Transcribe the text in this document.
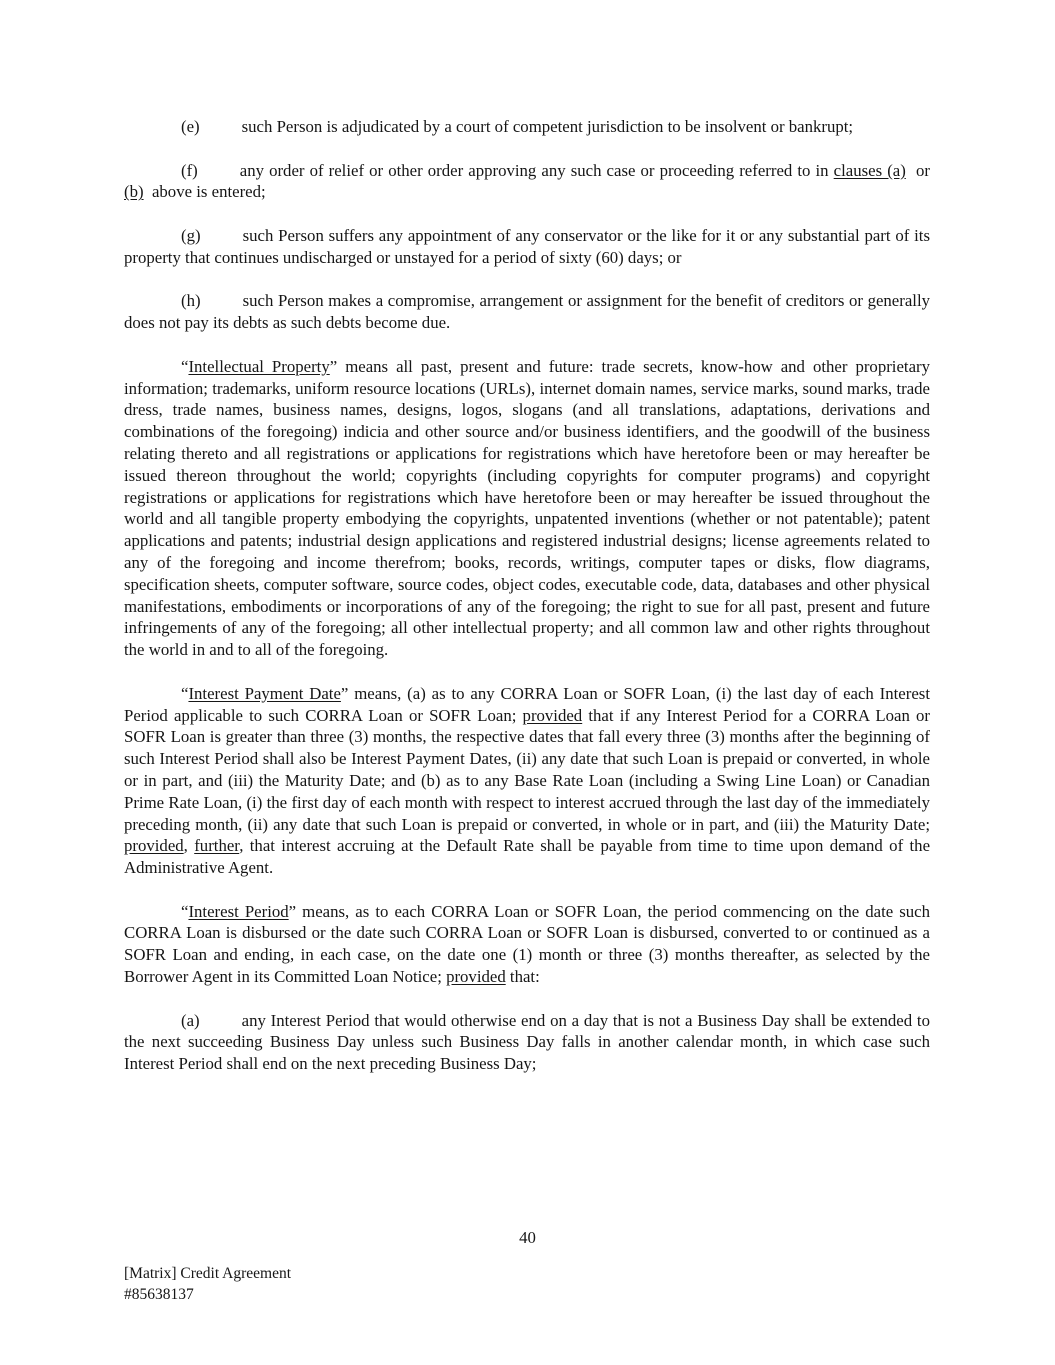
(e)	such Person is adjudicated by a court of competent jurisdiction to be insolvent or bankrupt;

(f)	any order of relief or other order approving any such case or proceeding referred to in clauses (a)  or (b)  above is entered;

(g)	such Person suffers any appointment of any conservator or the like for it or any substantial part of its property that continues undischarged or unstayed for a period of sixty (60) days; or

(h)	such Person makes a compromise, arrangement or assignment for the benefit of creditors or generally does not pay its debts as such debts become due.

“Intellectual Property” means all past, present and future: trade secrets, know-how and other proprietary information; trademarks, uniform resource locations (URLs), internet domain names, service marks, sound marks, trade dress, trade names, business names, designs, logos, slogans (and all translations, adaptations, derivations and combinations of the foregoing) indicia and other source and/or business identifiers, and the goodwill of the business relating thereto and all registrations or applications for registrations which have heretofore been or may hereafter be issued thereon throughout the world; copyrights (including copyrights for computer programs) and copyright registrations or applications for registrations which have heretofore been or may hereafter be issued throughout the world and all tangible property embodying the copyrights, unpatented inventions (whether or not patentable); patent applications and patents; industrial design applications and registered industrial designs; license agreements related to any of the foregoing and income therefrom; books, records, writings, computer tapes or disks, flow diagrams, specification sheets, computer software, source codes, object codes, executable code, data, databases and other physical manifestations, embodiments or incorporations of any of the foregoing; the right to sue for all past, present and future infringements of any of the foregoing; all other intellectual property; and all common law and other rights throughout the world in and to all of the foregoing.

“Interest Payment Date” means, (a) as to any CORRA Loan or SOFR Loan, (i) the last day of each Interest Period applicable to such CORRA Loan or SOFR Loan; provided that if any Interest Period for a CORRA Loan or SOFR Loan is greater than three (3) months, the respective dates that fall every three (3) months after the beginning of such Interest Period shall also be Interest Payment Dates, (ii) any date that such Loan is prepaid or converted, in whole or in part, and (iii) the Maturity Date; and (b) as to any Base Rate Loan (including a Swing Line Loan) or Canadian Prime Rate Loan, (i) the first day of each month with respect to interest accrued through the last day of the immediately preceding month, (ii) any date that such Loan is prepaid or converted, in whole or in part, and (iii) the Maturity Date; provided, further, that interest accruing at the Default Rate shall be payable from time to time upon demand of the Administrative Agent.

“Interest Period” means, as to each CORRA Loan or SOFR Loan, the period commencing on the date such CORRA Loan is disbursed or the date such CORRA Loan or SOFR Loan is disbursed, converted to or continued as a SOFR Loan and ending, in each case, on the date one (1) month or three (3) months thereafter, as selected by the Borrower Agent in its Committed Loan Notice; provided that:

(a)	any Interest Period that would otherwise end on a day that is not a Business Day shall be extended to the next succeeding Business Day unless such Business Day falls in another calendar month, in which case such Interest Period shall end on the next preceding Business Day;

40
[Matrix] Credit Agreement
#85638137
